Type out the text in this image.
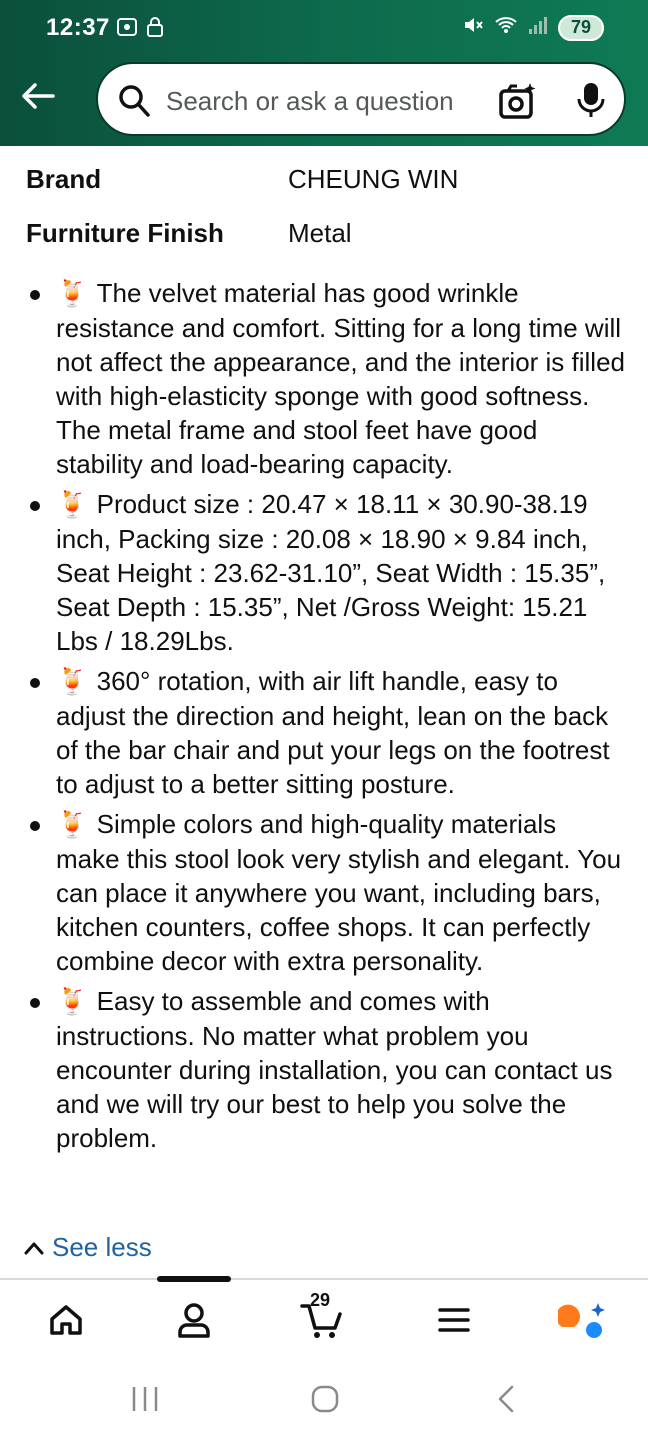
12:37	79
Search or ask a question
Brand	CHEUNG WIN
Furniture Finish Metal
🍹 The velvet material has good wrinkle resistance and comfort. Sitting for a long time will not affect the appearance, and the interior is filled with high-elasticity sponge with good softness. The metal frame and stool feet have good stability and load-bearing capacity.
🍹 Product size : 20.47 × 18.11 × 30.90-38.19 inch, Packing size : 20.08 × 18.90 × 9.84 inch, Seat Height : 23.62-31.10”, Seat Width : 15.35”, Seat Depth : 15.35”, Net /Gross Weight: 15.21 Lbs / 18.29Lbs.
🍹 360° rotation, with air lift handle, easy to adjust the direction and height, lean on the back of the bar chair and put your legs on the footrest to adjust to a better sitting posture.
🍹 Simple colors and high-quality materials make this stool look very stylish and elegant. You can place it anywhere you want, including bars, kitchen counters, coffee shops. It can perfectly combine decor with extra personality.
🍹 Easy to assemble and comes with instructions. No matter what problem you encounter during installation, you can contact us and we will try our best to help you solve the problem.
See less
29
